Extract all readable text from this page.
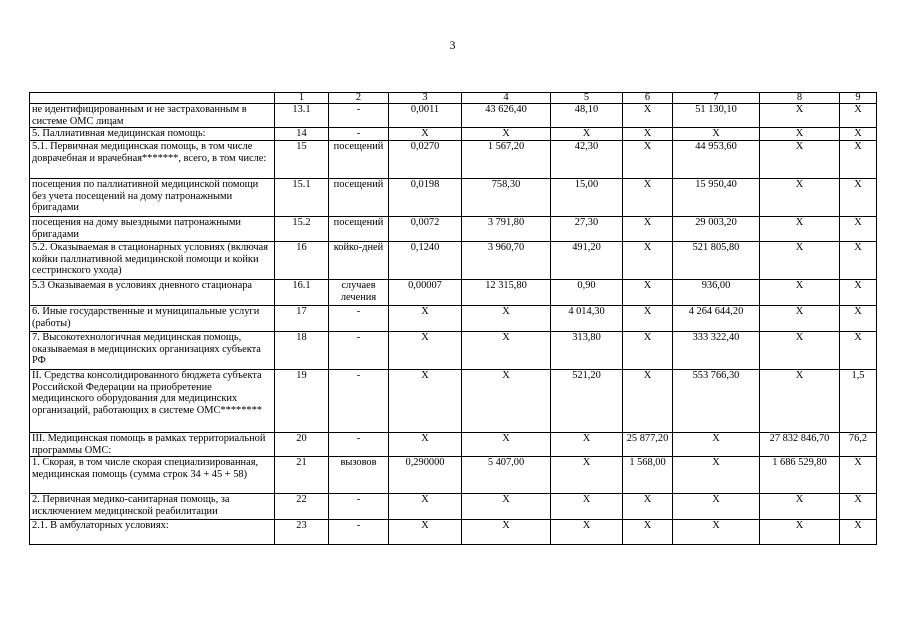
3
	1	2	3	4	5	6	7	8	9
не идентифицированным и не застрахованным в системе ОМС лицам	13.1	-	0,0011	43 626,40	48,10	X	51 130,10	X	X
5. Паллиативная медицинская помощь:	14	-	X	X	X	X	X	X	X
5.1. Первичная медицинская помощь, в том числе доврачебная и врачебная*******, всего, в том числе:	15	посещений	0,0270	1 567,20	42,30	X	44 953,60	X	X
посещения по паллиативной медицинской помощи без учета посещений на дому патронажными бригадами	15.1	посещений	0,0198	758,30	15,00	X	15 950,40	X	X
посещения на дому выездными патронажными бригадами	15.2	посещений	0,0072	3 791,80	27,30	X	29 003,20	X	X
5.2. Оказываемая в стационарных условиях (включая койки паллиативной медицинской помощи и койки сестринского ухода)	16	койко-дней	0,1240	3 960,70	491,20	X	521 805,80	X	X
5.3 Оказываемая в условиях дневного стационара	16.1	случаев лечения	0,00007	12 315,80	0,90	X	936,00	X	X
6. Иные государственные и муниципальные услуги (работы)	17	-	X	X	4 014,30	X	4 264 644,20	X	X
7. Высокотехнологичная медицинская помощь, оказываемая в медицинских организациях субъекта РФ	18	-	X	X	313,80	X	333 322,40	X	X
II. Средства консолидированного бюджета субъекта Российской Федерации на приобретение медицинского оборудования для медицинских организаций, работающих в системе ОМС********	19	-	X	X	521,20	X	553 766,30	X	1,5
III. Медицинская помощь в рамках территориальной программы ОМС:	20	-	X	X	X	25 877,20	X	27 832 846,70	76,2
1. Скорая, в том числе скорая специализированная, медицинская помощь (сумма строк 34 + 45 + 58)	21	вызовов	0,290000	5 407,00	X	1 568,00	X	1 686 529,80	X
2. Первичная медико-санитарная помощь, за исключением медицинской реабилитации	22	-	X	X	X	X	X	X	X
2.1. В амбулаторных условиях:	23	-	X	X	X	X	X	X	X
